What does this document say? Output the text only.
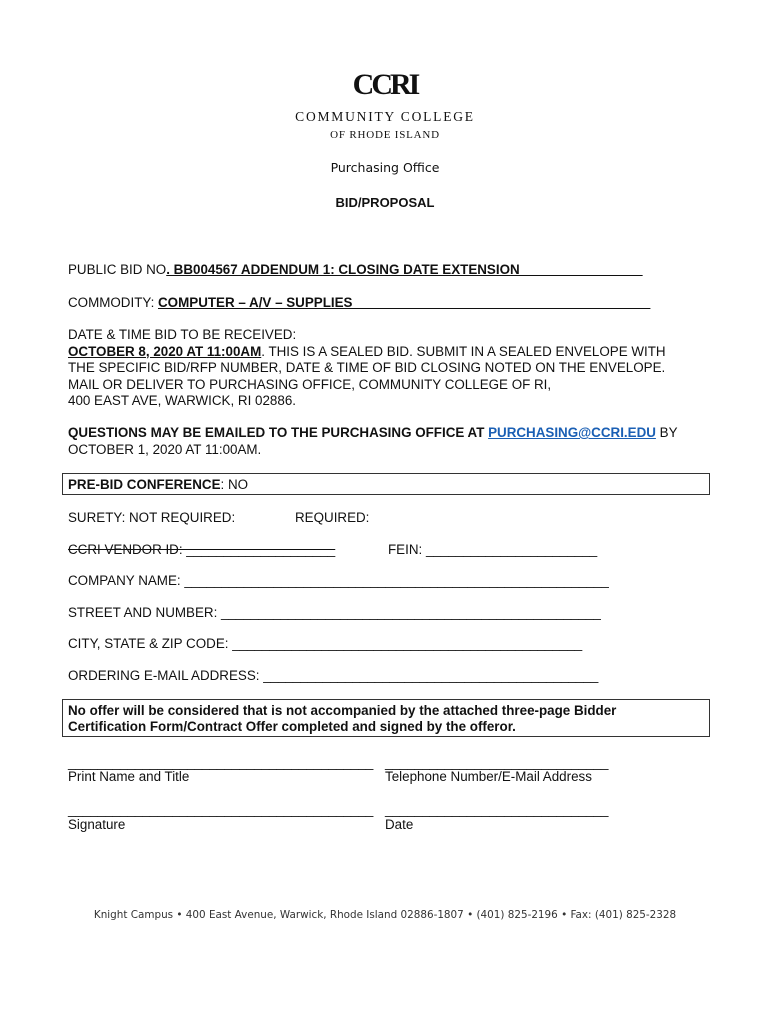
CCRI
COMMUNITY COLLEGE
OF RHODE ISLAND
Purchasing Office
BID/PROPOSAL
PUBLIC BID NO. BB004567 ADDENDUM 1: CLOSING DATE EXTENSION_____________ ___
COMMODITY: COMPUTER – A/V – SUPPLIES________________________________________
DATE & TIME BID TO BE RECEIVED:
OCTOBER 8, 2020 AT 11:00AM. THIS IS A SEALED BID. SUBMIT IN A SEALED ENVELOPE WITH
THE SPECIFIC BID/RFP NUMBER, DATE & TIME OF BID CLOSING NOTED ON THE ENVELOPE.
MAIL OR DELIVER TO PURCHASING OFFICE, COMMUNITY COLLEGE OF RI,
400 EAST AVE, WARWICK, RI 02886.
QUESTIONS MAY BE EMAILED TO THE PURCHASING OFFICE AT PURCHASING@CCRI.EDU BY
OCTOBER 1, 2020 AT 11:00AM.
PRE-BID CONFERENCE: NO
SURETY: NOT REQUIRED:	REQUIRED:
CCRI VENDOR ID: ____________________	FEIN: _______________________
COMPANY NAME: _________________________________________________________
STREET AND NUMBER: ___________________________________________________
CITY, STATE & ZIP CODE: _______________________________________________
ORDERING E-MAIL ADDRESS: _____________________________________________
No offer will be considered that is not accompanied by the attached three-page Bidder
Certification Form/Contract Offer completed and signed by the offeror.
_________________________________________ ______________________________
Print Name and Title	Telephone Number/E-Mail Address
_________________________________________ ______________________________
Signature	Date
Knight Campus • 400 East Avenue, Warwick, Rhode Island 02886-1807 • (401) 825-2196 • Fax: (401) 825-2328
